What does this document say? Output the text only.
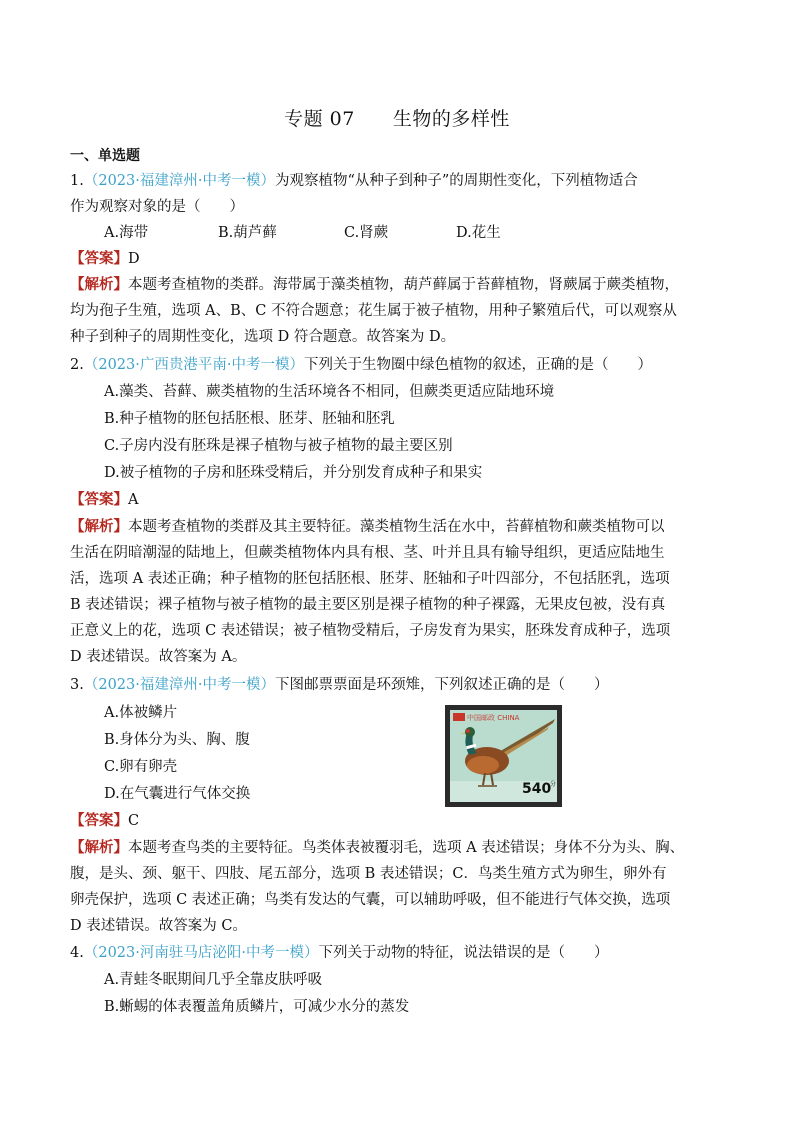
专题 07 生物的多样性
一、单选题
1.（2023·福建漳州·中考一模）为观察植物“从种子到种子”的周期性变化，下列植物适合
作为观察对象的是（　　）
A.海带	B.葫芦藓	C.肾蕨	D.花生
【答案】D
【解析】本题考查植物的类群。海带属于藻类植物，葫芦藓属于苔藓植物，肾蕨属于蕨类植物，
均为孢子生殖，选项 A、B、C 不符合题意；花生属于被子植物，用种子繁殖后代，可以观察从
种子到种子的周期性变化，选项 D 符合题意。故答案为 D。
2.（2023·广西贵港平南·中考一模）下列关于生物圈中绿色植物的叙述，正确的是（　　）
A.藻类、苔藓、蕨类植物的生活环境各不相同，但蕨类更适应陆地环境
B.种子植物的胚包括胚根、胚芽、胚轴和胚乳
C.子房内没有胚珠是裸子植物与被子植物的最主要区别
D.被子植物的子房和胚珠受精后，并分别发育成种子和果实
【答案】A
【解析】本题考查植物的类群及其主要特征。藻类植物生活在水中，苔藓植物和蕨类植物可以
生活在阴暗潮湿的陆地上，但蕨类植物体内具有根、茎、叶并且具有输导组织，更适应陆地生
活，选项 A 表述正确；种子植物的胚包括胚根、胚芽、胚轴和子叶四部分，不包括胚乳，选项
B 表述错误；裸子植物与被子植物的最主要区别是裸子植物的种子裸露，无果皮包被，没有真
正意义上的花，选项 C 表述错误；被子植物受精后，子房发育为果实，胚珠发育成种子，选项
D 表述错误。故答案为 A。
3.（2023·福建漳州·中考一模）下图邮票票面是环颈雉，下列叙述正确的是（　　）
A.体被鳞片
B.身体分为头、胸、腹
C.卵有卵壳
D.在气囊进行气体交换
中国邮政 CHINA
540
分
【答案】C
【解析】本题考查鸟类的主要特征。鸟类体表被覆羽毛，选项 A 表述错误；身体不分为头、胸、
腹，是头、颈、躯干、四肢、尾五部分，选项 B 表述错误；C．鸟类生殖方式为卵生，卵外有
卵壳保护，选项 C 表述正确；鸟类有发达的气囊，可以辅助呼吸，但不能进行气体交换，选项
D 表述错误。故答案为 C。
4.（2023·河南驻马店泌阳·中考一模）下列关于动物的特征，说法错误的是（　　）
A.青蛙冬眠期间几乎全靠皮肤呼吸
B.蜥蜴的体表覆盖角质鳞片，可减少水分的蒸发
